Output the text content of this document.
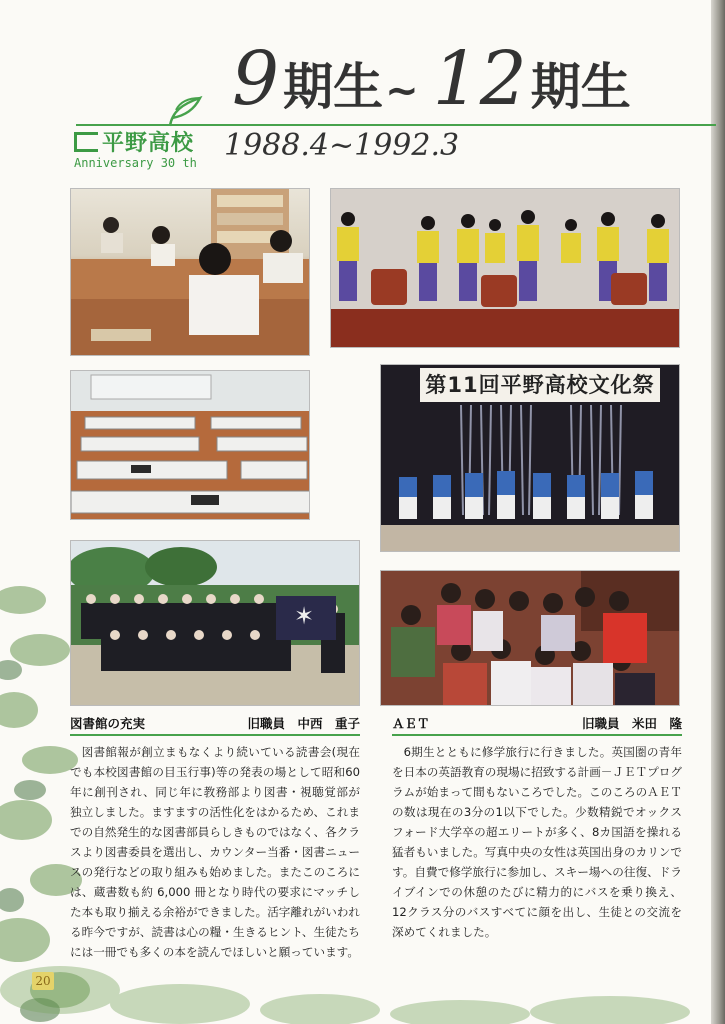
9 期生 ~ 12 期生
平野高校
Anniversary 30 th 1988.4~1992.3
第11回平野高校文化祭
✶
図書館の充実	旧職員　中西　重子

図書館報が創立まもなくより続いている読書会(現在でも本校図書館の目玉行事)等の発表の場として昭和60年に創刊され、同じ年に教務部より図書・視聴覚部が独立しました。ますますの活性化をはかるため、これまでの自然発生的な図書部員らしきものではなく、各クラスより図書委員を選出し、カウンター当番・図書ニュースの発行などの取り組みも始めました。またこのころには、蔵書数も約 6,000 冊となり時代の要求にマッチした本も取り揃える余裕ができました。活字離れがいわれる昨今ですが、読書は心の糧・生きるヒント、生徒たちには一冊でも多くの本を読んでほしいと願っています。

ＡＥＴ	旧職員　米田　隆

6期生とともに修学旅行に行きました。英国圏の青年を日本の英語教育の現場に招致する計画－ＪＥＴプログラムが始まって間もないころでした。このころのＡＥＴの数は現在の3分の1以下でした。少数精鋭でオックスフォード大学卒の超エリートが多く、8カ国語を操れる猛者もいました。写真中央の女性は英国出身のカリンです。自費で修学旅行に参加し、スキー場への往復、ドライブインでの休憩のたびに精力的にバスを乗り換え、12クラス分のバスすべてに顔を出し、生徒との交流を深めてくれました。

20
